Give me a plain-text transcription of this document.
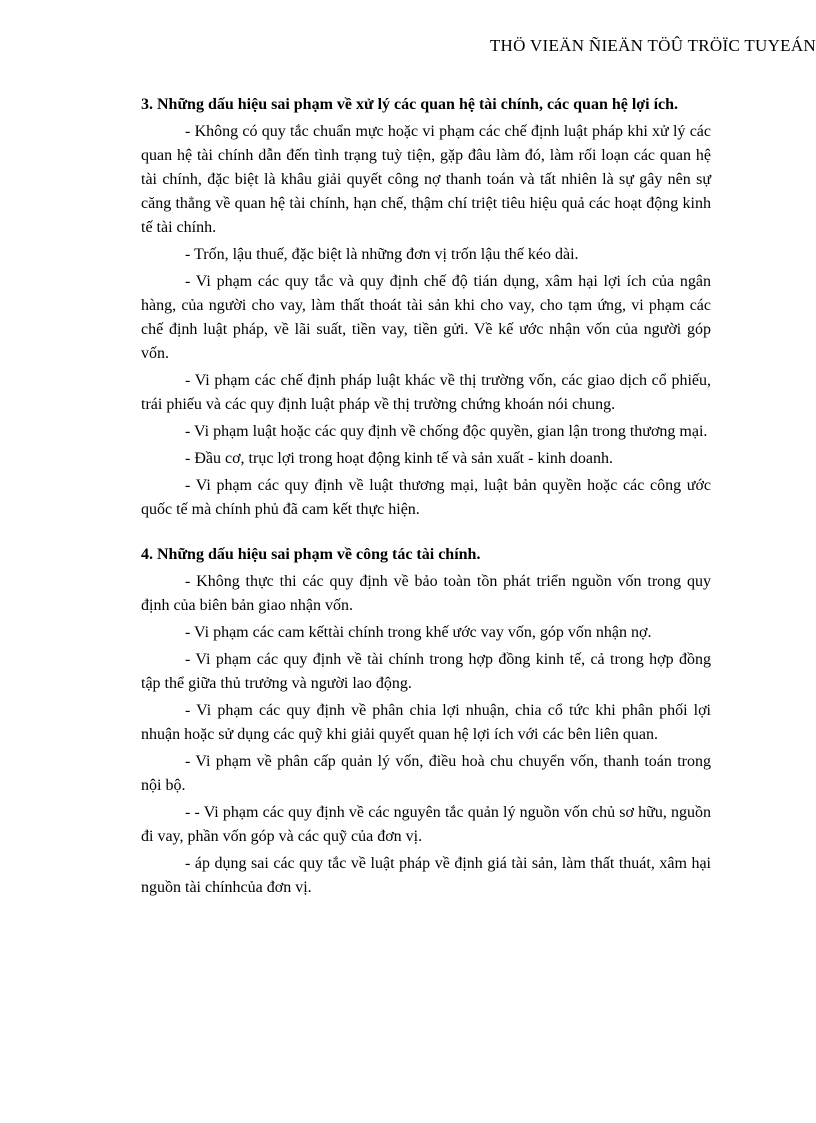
THÖ VIEÄN ÑIEÄN TÖÛ TRÖÏC TUYEÁN
3. Những dấu hiệu sai phạm về xử lý các quan hệ tài chính, các quan hệ lợi ích.

- Không có quy tắc chuẩn mực hoặc vi phạm các chế định luật pháp khi xử lý các quan hệ tài chính dẫn đến tình trạng tuỳ tiện, gặp đâu làm đó, làm rối loạn các quan hệ tài chính, đặc biệt là khâu giải quyết công nợ thanh toán và tất nhiên là sự gây nên sự căng thẳng về quan hệ tài chính, hạn chế, thậm chí triệt tiêu hiệu quả các hoạt động kinh tế tài chính.

- Trốn, lậu thuế, đặc biệt là những đơn vị trốn lậu thế kéo dài.

- Vi phạm các quy tắc và quy định chế độ tián dụng, xâm hại lợi ích của ngân hàng, của người cho vay, làm thất thoát tài sản khi cho vay, cho tạm ứng, vi phạm các chế định luật pháp, về lãi suất, tiền vay, tiền gửi. Về kế ước nhận vốn của người góp vốn.

- Vi phạm các chế định pháp luật khác về thị trường vốn, các giao dịch cổ phiếu, trái phiếu và các quy định luật pháp về thị trường chứng khoán nói chung.

- Vi phạm luật hoặc các quy định về chống độc quyền, gian lận trong thương mại.

- Đầu cơ, trục lợi trong hoạt động kinh tế và sản xuất - kinh doanh.

- Vi phạm các quy định về luật thương mại, luật bản quyền hoặc các công ước quốc tế mà chính phủ đã cam kết thực hiện.

4. Những dấu hiệu sai phạm về công tác tài chính.

- Không thực thi các quy định về bảo toàn tồn phát triển nguồn vốn trong quy định của biên bản giao nhận vốn.

- Vi phạm các cam kếttài chính trong khế ước vay vốn, góp vốn nhận nợ.

- Vi phạm các quy định về tài chính trong hợp đồng kinh tế, cả trong hợp đồng tập thể giữa thủ trưởng và người lao động.

- Vi phạm các quy định về phân chia lợi nhuận, chia cổ tức khi phân phối lợi nhuận hoặc sử dụng các quỹ khi giải quyết quan hệ lợi ích với các bên liên quan.

- Vi phạm về phân cấp quản lý vốn, điều hoà chu chuyển vốn, thanh toán trong nội bộ.

- - Vi phạm các quy định về các nguyên tắc quản lý nguồn vốn chủ sơ hữu, nguồn đi vay, phần vốn góp và các quỹ của đơn vị.

- áp dụng sai các quy tắc về luật pháp về định giá tài sản, làm thất thuát, xâm hại nguồn tài chínhcủa đơn vị.
